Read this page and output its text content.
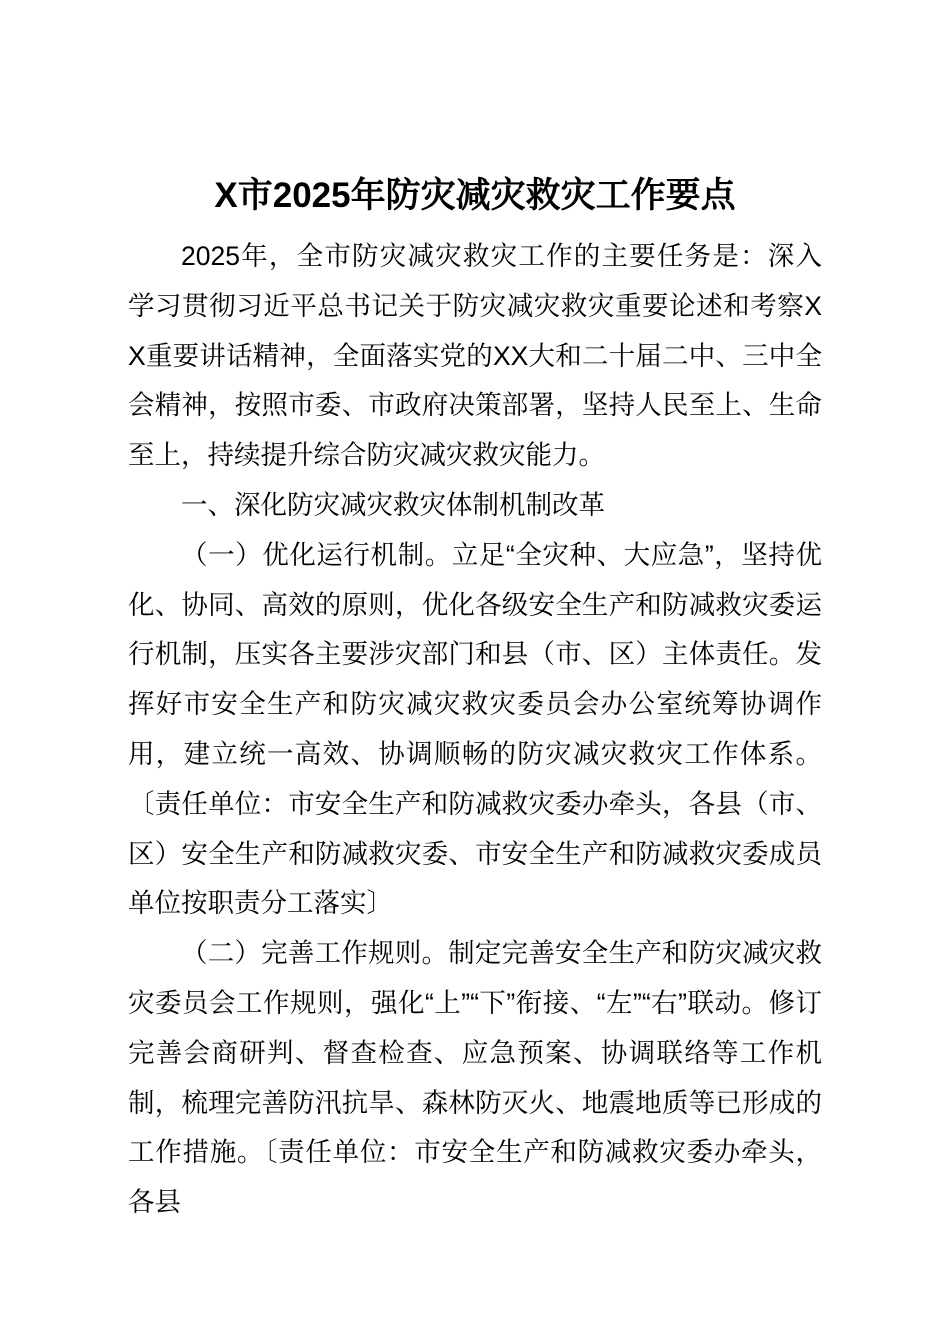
X市2025年防灾减灾救灾工作要点

2025年，全市防灾减灾救灾工作的主要任务是：深入学习贯彻习近平总书记关于防灾减灾救灾重要论述和考察XX重要讲话精神，全面落实党的XX大和二十届二中、三中全会精神，按照市委、市政府决策部署，坚持人民至上、生命至上，持续提升综合防灾减灾救灾能力。

一、深化防灾减灾救灾体制机制改革

（一）优化运行机制。立足“全灾种、大应急”，坚持优化、协同、高效的原则，优化各级安全生产和防减救灾委运行机制，压实各主要涉灾部门和县（市、区）主体责任。发挥好市安全生产和防灾减灾救灾委员会办公室统筹协调作用，建立统一高效、协调顺畅的防灾减灾救灾工作体系。〔责任单位：市安全生产和防减救灾委办牵头，各县（市、区）安全生产和防减救灾委、市安全生产和防减救灾委成员单位按职责分工落实〕

（二）完善工作规则。制定完善安全生产和防灾减灾救灾委员会工作规则，强化“上”“下”衔接、“左”“右”联动。修订完善会商研判、督查检查、应急预案、协调联络等工作机制，梳理完善防汛抗旱、森林防灭火、地震地质等已形成的工作措施。〔责任单位：市安全生产和防减救灾委办牵头，各县
